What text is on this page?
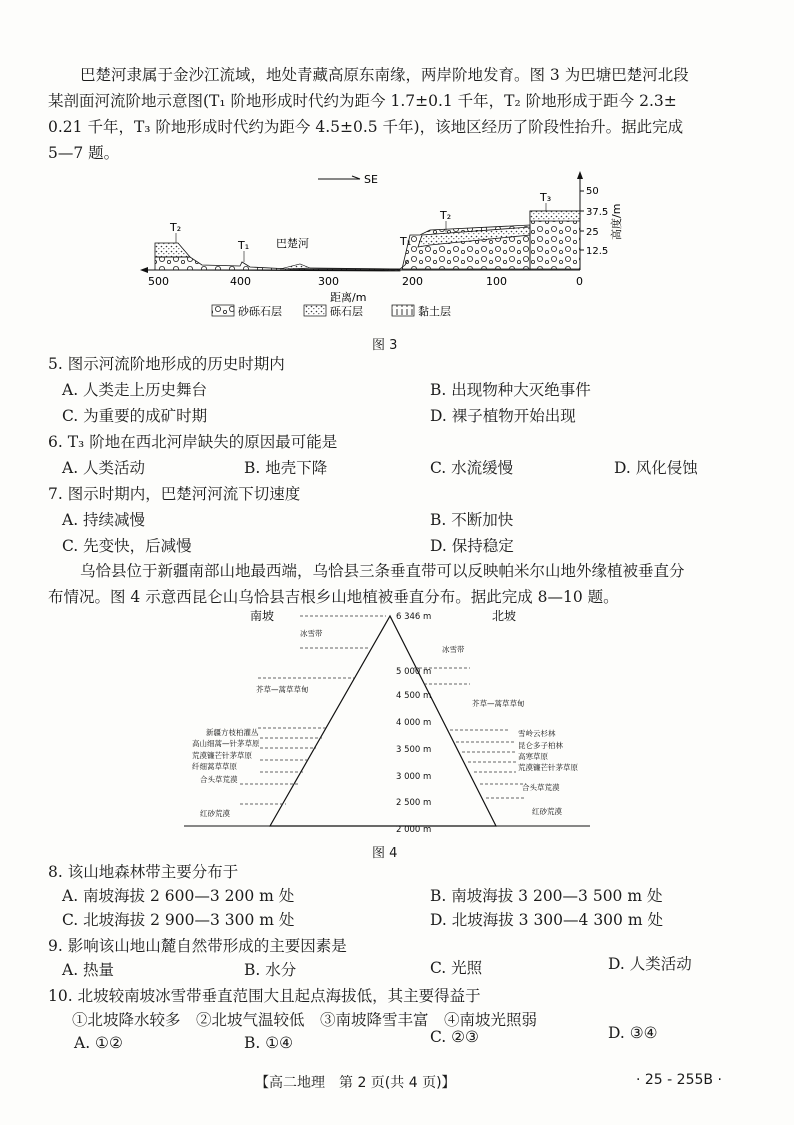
巴楚河隶属于金沙江流域，地处青藏高原东南缘，两岸阶地发育。图 3 为巴塘巴楚河北段
某剖面河流阶地示意图(T₁ 阶地形成时代约为距今 1.7±0.1 千年，T₂ 阶地形成于距今 2.3±
0.21 千年，T₃ 阶地形成时代约为距今 4.5±0.5 千年)，该地区经历了阶段性抬升。据此完成
5—7 题。
SE
50
37.5
25
12.5
高度/m
500	400	300	200	100	0
距离/m
T₂
T₁ 巴楚河	T₁
T₂
T₃
砂砾石层	砾石层	黏土层
图 3
5. 图示河流阶地形成的历史时期内
A. 人类走上历史舞台	B. 出现物种大灭绝事件
C. 为重要的成矿时期	D. 裸子植物开始出现
6. T₃ 阶地在西北河岸缺失的原因最可能是
A. 人类活动	B. 地壳下降	C. 水流缓慢	D. 风化侵蚀
7. 图示时期内，巴楚河河流下切速度
A. 持续减慢	B. 不断加快
C. 先变快，后减慢	D. 保持稳定
乌恰县位于新疆南部山地最西端，乌恰县三条垂直带可以反映帕米尔山地外缘植被垂直分
布情况。图 4 示意西昆仑山乌恰县吉根乡山地植被垂直分布。据此完成 8—10 题。
南坡	北坡
6 346 m
5 000 m
4 500 m
4 000 m
3 500 m
3 000 m
2 500 m
2 000 m
冰雪带
芥草—蒿草草甸
新疆方枝柏灌丛
高山细蒿—针茅草原
荒漠镰芒针茅草原
纤细蒿草草原
合头草荒漠
红砂荒漠
冰雪带
芥草—蒿草草甸
雪岭云杉林
昆仑多子柏林
高寒草原
荒漠镰芒针茅草原
合头草荒漠
红砂荒漠
图 4
8. 该山地森林带主要分布于
A. 南坡海拔 2 600—3 200 m 处	B. 南坡海拔 3 200—3 500 m 处
C. 北坡海拔 2 900—3 300 m 处	D. 北坡海拔 3 300—4 300 m 处
9. 影响该山地山麓自然带形成的主要因素是
A. 热量	B. 水分	C. 光照	D. 人类活动
10. 北坡较南坡冰雪带垂直范围大且起点海拔低，其主要得益于
①北坡降水较多　②北坡气温较低　③南坡降雪丰富　④南坡光照弱
A. ①②	B. ①④	C. ②③	D. ③④
【高二地理　第 2 页(共 4 页)】	· 25 - 255B ·
